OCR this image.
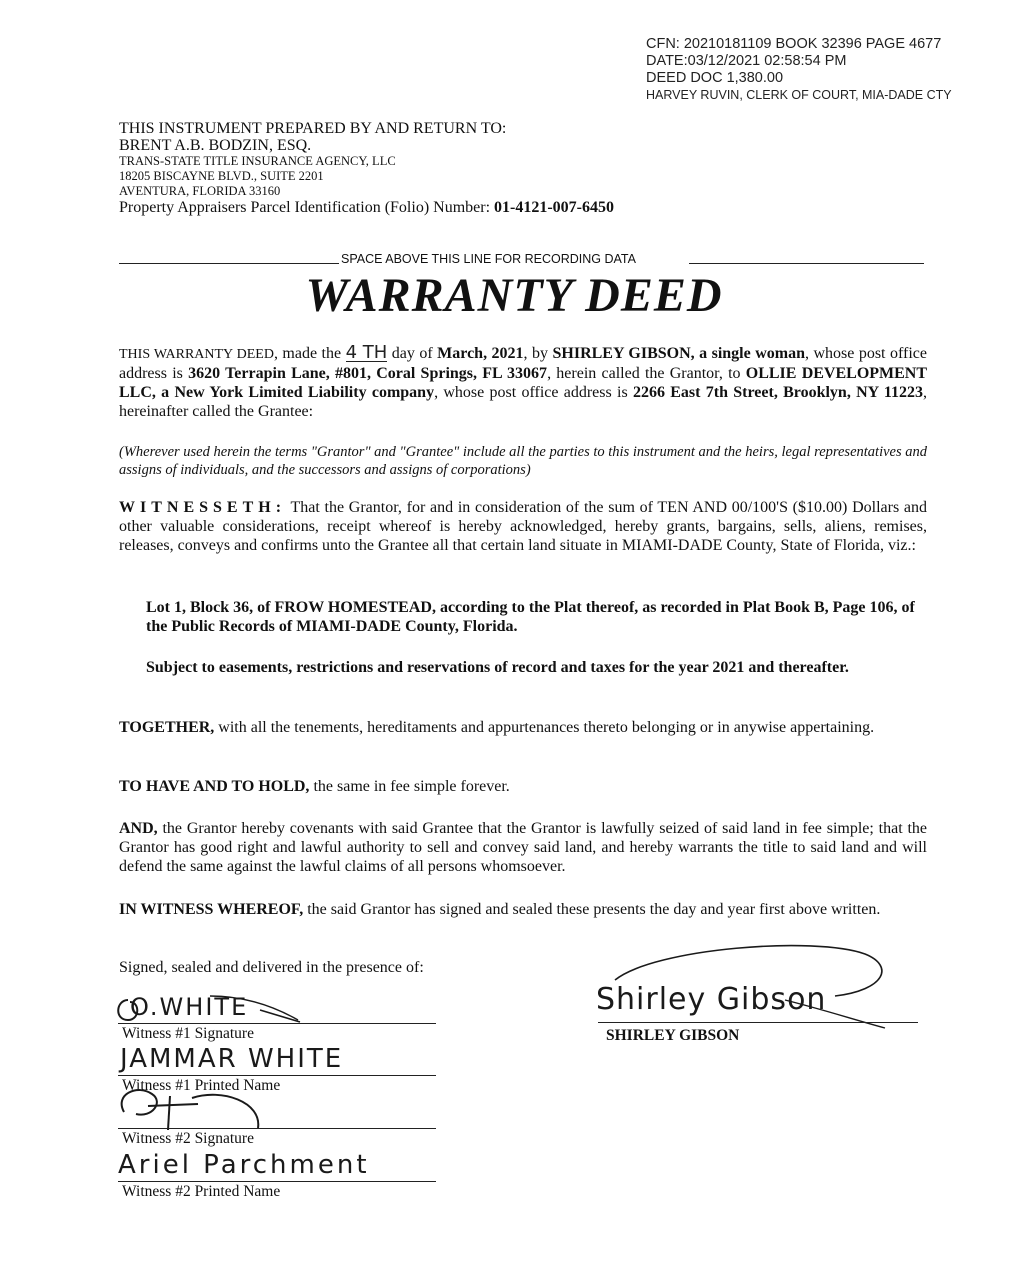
CFN: 20210181109 BOOK 32396 PAGE 4677
DATE:03/12/2021 02:58:54 PM
DEED DOC 1,380.00
HARVEY RUVIN, CLERK OF COURT, MIA-DADE CTY
THIS INSTRUMENT PREPARED BY AND RETURN TO:
BRENT A.B. BODZIN, ESQ.
TRANS-STATE TITLE INSURANCE AGENCY, LLC
18205 BISCAYNE BLVD., SUITE 2201
AVENTURA, FLORIDA 33160
Property Appraisers Parcel Identification (Folio) Number: 01-4121-007-6450
SPACE ABOVE THIS LINE FOR RECORDING DATA
WARRANTY DEED
THIS WARRANTY DEED, made the 4 TH day of March, 2021, by SHIRLEY GIBSON, a single woman, whose post office address is 3620 Terrapin Lane, #801, Coral Springs, FL 33067, herein called the Grantor, to OLLIE DEVELOPMENT LLC, a New York Limited Liability company, whose post office address is 2266 East 7th Street, Brooklyn, NY 11223, hereinafter called the Grantee:
(Wherever used herein the terms "Grantor" and "Grantee" include all the parties to this instrument and the heirs, legal representatives and assigns of individuals, and the successors and assigns of corporations)
WITNESSETH: That the Grantor, for and in consideration of the sum of TEN AND 00/100'S ($10.00) Dollars and other valuable considerations, receipt whereof is hereby acknowledged, hereby grants, bargains, sells, aliens, remises, releases, conveys and confirms unto the Grantee all that certain land situate in MIAMI-DADE County, State of Florida, viz.:
Lot 1, Block 36, of FROW HOMESTEAD, according to the Plat thereof, as recorded in Plat Book B, Page 106, of the Public Records of MIAMI-DADE County, Florida.
Subject to easements, restrictions and reservations of record and taxes for the year 2021 and thereafter.
TOGETHER, with all the tenements, hereditaments and appurtenances thereto belonging or in anywise appertaining.
TO HAVE AND TO HOLD, the same in fee simple forever.
AND, the Grantor hereby covenants with said Grantee that the Grantor is lawfully seized of said land in fee simple; that the Grantor has good right and lawful authority to sell and convey said land, and hereby warrants the title to said land and will defend the same against the lawful claims of all persons whomsoever.
IN WITNESS WHEREOF, the said Grantor has signed and sealed these presents the day and year first above written.
Signed, sealed and delivered in the presence of:
O.WHITE
Witness #1 Signature
JAMMAR WHITE
Witness #1 Printed Name
Witness #2 Signature
Ariel Parchment
Witness #2 Printed Name
Shirley Gibson
SHIRLEY GIBSON
